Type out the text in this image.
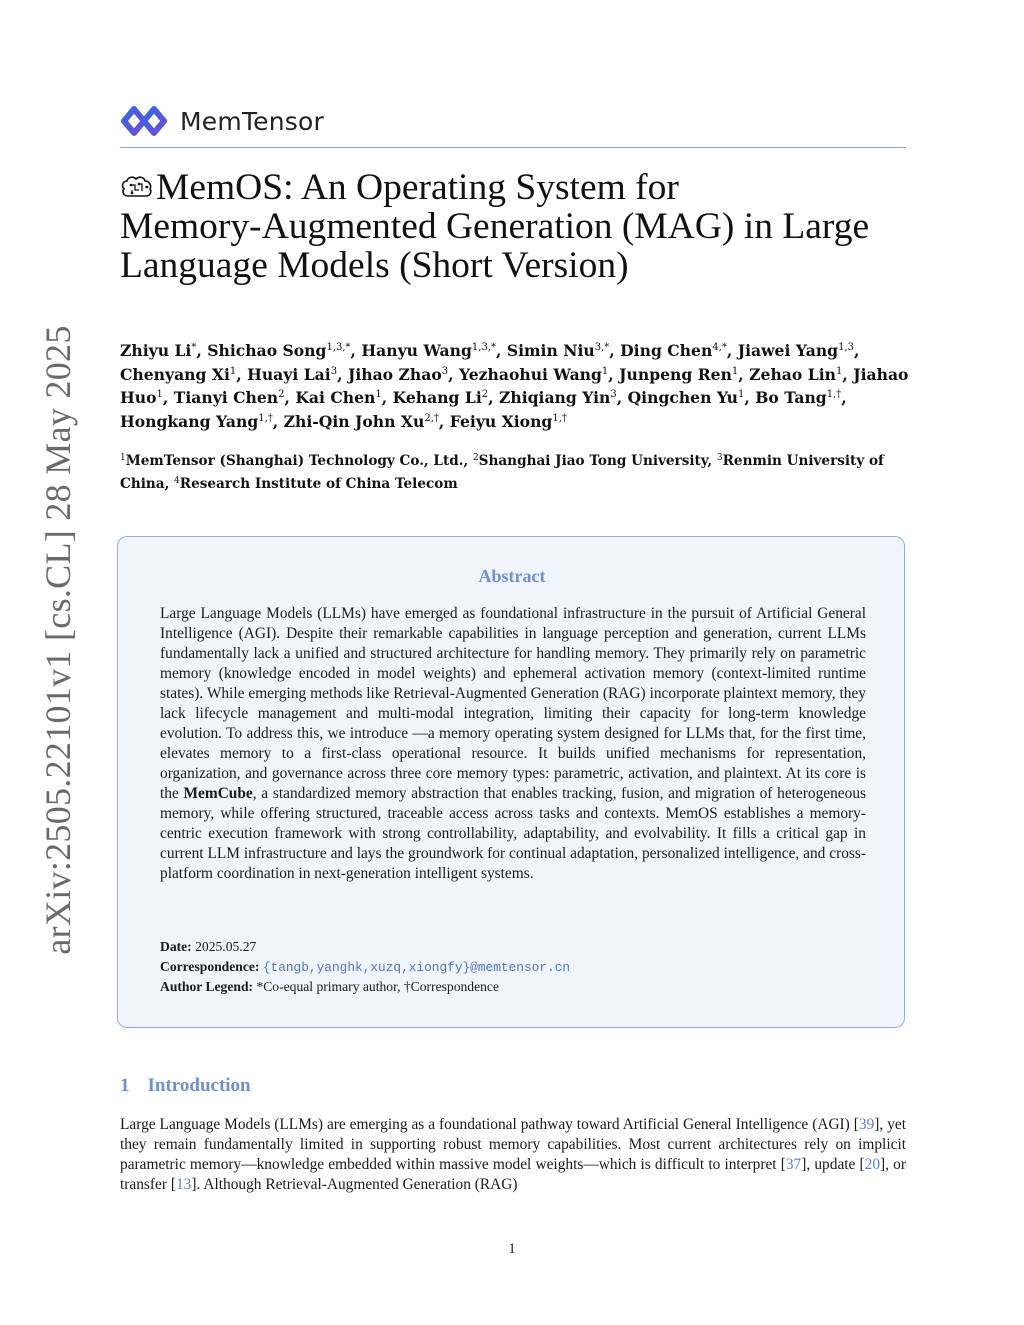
arXiv:2505.22101v1 [cs.CL] 28 May 2025
MemTensor
MemOS: An Operating System for
Memory-Augmented Generation (MAG) in Large
Language Models (Short Version)
Zhiyu Li*, Shichao Song$^{1,3,*}$, Hanyu Wang$^{1,3,*}$, Simin Niu$^{3,*}$, Ding Chen$^{4,*}$, Jiawei Yang$^{1,3}$, Chenyang Xi$^1$, Huayi Lai$^3$, Jihao Zhao$^3$, Yezhaohui Wang$^1$, Junpeng Ren$^1$, Zehao Lin$^1$, Jiahao Huo$^1$, Tianyi Chen$^2$, Kai Chen$^1$, Kehang Li$^2$, Zhiqiang Yin$^3$, Qingchen Yu$^1$, Bo Tang$^{1,\dagger}$, Hongkang Yang$^{1,\dagger}$, Zhi-Qin John $Xu^{2,\dagger}$, Feiyu Xiong$^{1,\dagger}$
$^1$MemTensor (Shanghai) Technology Co., Ltd., $^2$Shanghai Jiao Tong University, $^3$Renmin University of China, $^4$Research Institute of China Telecom
Abstract

Large Language Models (LLMs) have emerged as foundational infrastructure in the pursuit of Artificial General Intelligence (AGI). Despite their remarkable capabilities in language perception and generation, current LLMs fundamentally lack a unified and structured architecture for handling memory. They primarily rely on parametric memory (knowledge encoded in model weights) and ephemeral activation memory (context-limited runtime states). While emerging methods like Retrieval-Augmented Generation (RAG) incorporate plaintext memory, they lack lifecycle management and multi-modal integration, limiting their capacity for long-term knowledge evolution. To address this, we introduce —a memory operating system designed for LLMs that, for the first time, elevates memory to a first-class operational resource. It builds unified mechanisms for representation, organization, and governance across three core memory types: parametric, activation, and plaintext. At its core is the MemCube, a standardized memory abstraction that enables tracking, fusion, and migration of heterogeneous memory, while offering structured, traceable access across tasks and contexts. MemOS establishes a memory-centric execution framework with strong controllability, adaptability, and evolvability. It fills a critical gap in current LLM infrastructure and lays the groundwork for continual adaptation, personalized intelligence, and cross-platform coordination in next-generation intelligent systems.

Date: 2025.05.27
Correspondence: {tangb,yanghk,xuzq,xiongfy}@memtensor.cn
Author Legend: *Co-equal primary author, †Correspondence
1 Introduction

Large Language Models (LLMs) are emerging as a foundational pathway toward Artificial General Intelligence (AGI) [39], yet they remain fundamentally limited in supporting robust memory capabilities. Most current architectures rely on implicit parametric memory—knowledge embedded within massive model weights—which is difficult to interpret [37], update [20], or transfer [13]. Although Retrieval-Augmented Generation (RAG)

1
